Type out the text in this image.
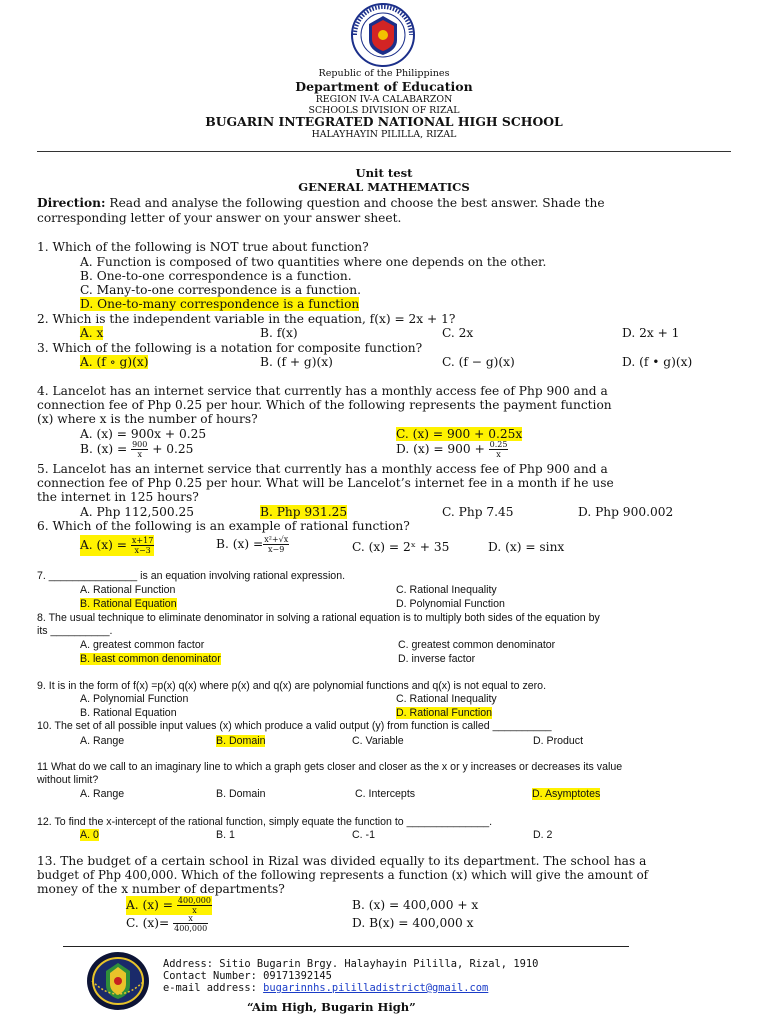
Republic of the Philippines
Department of Education
REGION IV-A CALABARZON
SCHOOLS DIVISION OF RIZAL
BUGARIN INTEGRATED NATIONAL HIGH SCHOOL
HALAYHAYIN PILILLA, RIZAL
Unit test
GENERAL MATHEMATICS
Direction: Read and analyse the following question and choose the best answer. Shade the
corresponding letter of your answer on your answer sheet.
1. Which of the following is NOT true about function?
A. Function is composed of two quantities where one depends on the other.
B. One-to-one correspondence is a function.
C. Many-to-one correspondence is a function.
D. One-to-many correspondence is a function
2. Which is the independent variable in the equation, f(x) = 2x + 1?
A. x	B. f(x)	C. 2x	D. 2x + 1
3. Which of the following is a notation for composite function?
A. (f ∘ g)(x)	B. (f + g)(x)	C. (f − g)(x)	D. (f • g)(x)
4. Lancelot has an internet service that currently has a monthly access fee of Php 900 and a
connection fee of Php 0.25 per hour. Which of the following represents the payment function
(x) where x is the number of hours?
A. (x) = 900x + 0.25	C. (x) = 900 + 0.25x
B. $(x) = \frac{900}{x} + 0.25$	D. $(x) = 900 + \frac{0.25}{x}$
5. Lancelot has an internet service that currently has a monthly access fee of Php 900 and a
connection fee of Php 0.25 per hour. What will be Lancelot’s internet fee in a month if he use
the internet in 125 hours?
A. Php 112,500.25	B. Php 931.25	C. Php 7.45	D. Php 900.002
6. Which of the following is an example of rational function?
A. $(x) = \frac{x+17}{x-3}$	B. $(x) = \frac{\text{x²+√x}}{x-9}$	C. (x) = 2ˣ + 35	D. (x) = sinx
7. _______________ is an equation involving rational expression.
A. Rational Function	C. Rational Inequality
B. Rational Equation	D. Polynomial Function
8. The usual technique to eliminate denominator in solving a rational equation is to multiply both sides of the equation by
its __________.
A. greatest common factor	C. greatest common denominator
B. least common denominator	D. inverse factor
9. It is in the form of f(x) =p(x) q(x) where p(x) and q(x) are polynomial functions and q(x) is not equal to zero.
A. Polynomial Function	C. Rational Inequality
B. Rational Equation	D. Rational Function
10. The set of all possible input values (x) which produce a valid output (y) from function is called __________
A. Range	B. Domain	C. Variable	D. Product
11 What do we call to an imaginary line to which a graph gets closer and closer as the x or y increases or decreases its value
without limit?
A. Range	B. Domain	C. Intercepts	D. Asymptotes
12. To find the x-intercept of the rational function, simply equate the function to ______________.
A. 0	B. 1	C. -1	D. 2
13. The budget of a certain school in Rizal was divided equally to its department. The school has a
budget of Php 400,000. Which of the following represents a function (x) which will give the amount of
money of the x number of departments?
A. $(x) = \frac{400,000}{x}$	B. (x) = 400,000 + x
C. $(x)= \frac{x}{400,000}$	D. B(x) = 400,000 x
Address: Sitio Bugarin Brgy. Halayhayin Pililla, Rizal, 1910
Contact Number: 09171392145
e-mail address: bugarinnhs.pililladistrict@gmail.com
“Aim High, Bugarin High”
